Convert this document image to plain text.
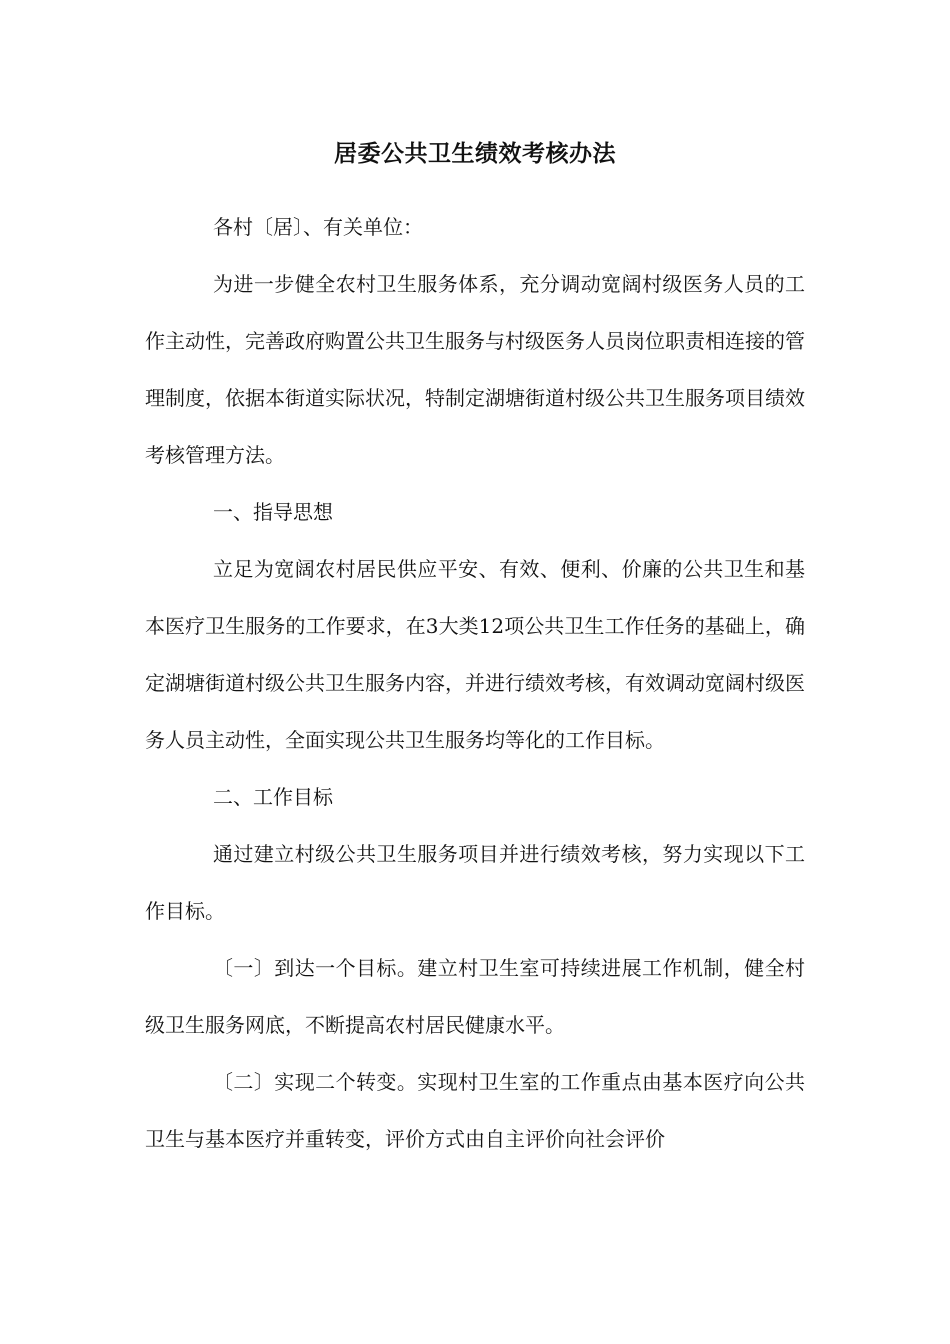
居委公共卫生绩效考核办法

各村〔居〕、有关单位：

为进一步健全农村卫生服务体系，充分调动宽阔村级医务人员的工作主动性，完善政府购置公共卫生服务与村级医务人员岗位职责相连接的管理制度，依据本街道实际状况，特制定湖塘街道村级公共卫生服务项目绩效考核管理方法。

一、指导思想

立足为宽阔农村居民供应平安、有效、便利、价廉的公共卫生和基本医疗卫生服务的工作要求，在3大类12项公共卫生工作任务的基础上，确定湖塘街道村级公共卫生服务内容，并进行绩效考核，有效调动宽阔村级医务人员主动性，全面实现公共卫生服务均等化的工作目标。

二、工作目标

通过建立村级公共卫生服务项目并进行绩效考核，努力实现以下工作目标。

〔一〕到达一个目标。建立村卫生室可持续进展工作机制，健全村级卫生服务网底，不断提高农村居民健康水平。

〔二〕实现二个转变。实现村卫生室的工作重点由基本医疗向公共卫生与基本医疗并重转变，评价方式由自主评价向社会评价
